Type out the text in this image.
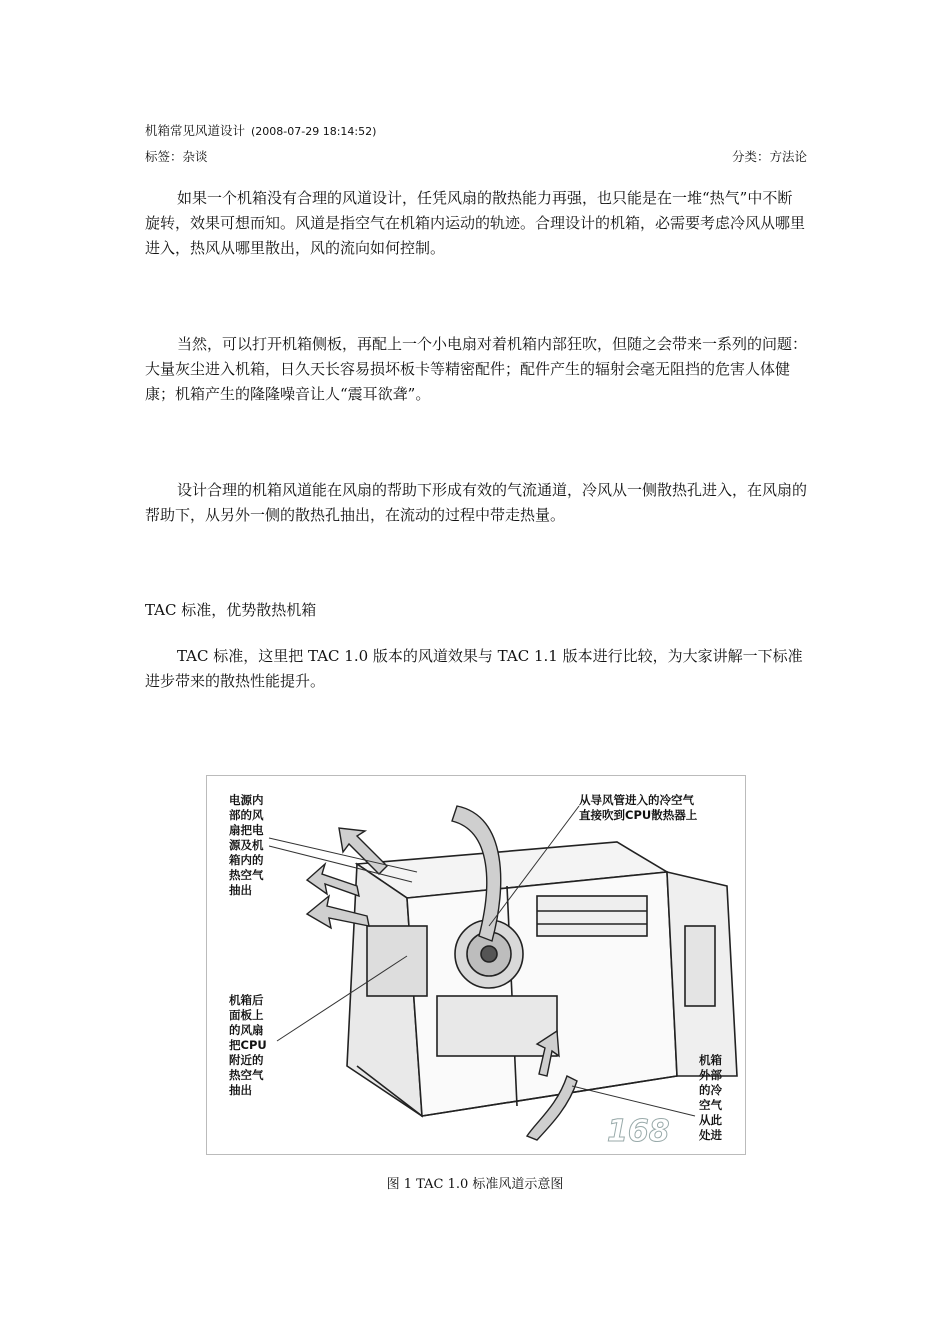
机箱常见风道设计 (2008-07-29 18:14:52)
标签：杂谈	分类：方法论

如果一个机箱没有合理的风道设计，任凭风扇的散热能力再强，也只能是在一堆“热气”中不断旋转，效果可想而知。风道是指空气在机箱内运动的轨迹。合理设计的机箱，必需要考虑冷风从哪里进入，热风从哪里散出，风的流向如何控制。

当然，可以打开机箱侧板，再配上一个小电扇对着机箱内部狂吹，但随之会带来一系列的问题：大量灰尘进入机箱，日久天长容易损坏板卡等精密配件；配件产生的辐射会毫无阻挡的危害人体健康；机箱产生的隆隆噪音让人“震耳欲聋”。

设计合理的机箱风道能在风扇的帮助下形成有效的气流通道，冷风从一侧散热孔进入，在风扇的帮助下，从另外一侧的散热孔抽出，在流动的过程中带走热量。

TAC 标准，优势散热机箱

TAC 标准，这里把 TAC 1.0 版本的风道效果与 TAC 1.1 版本进行比较，为大家讲解一下标准进步带来的散热性能提升。

电源内
部的风
扇把电
源及机
箱内的
热空气
抽出
从导风管进入的冷空气
直接吹到CPU散热器上
机箱后
面板上
的风扇
把CPU
附近的
热空气
抽出
机箱
外部
的冷
空气
从此
处进
168
图 1 TAC 1.0 标准风道示意图
